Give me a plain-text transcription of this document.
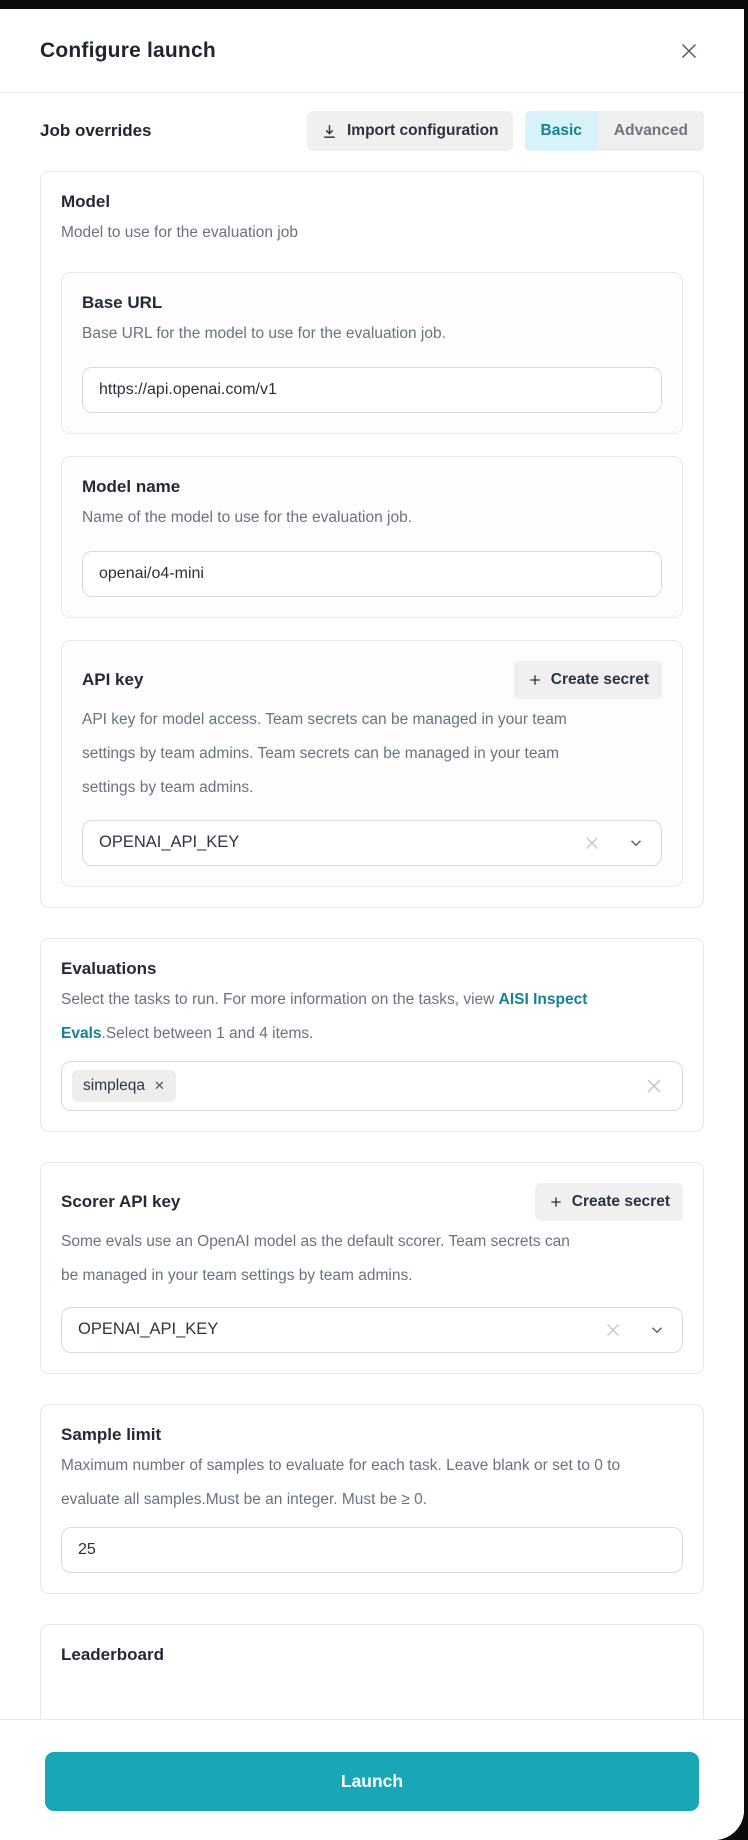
Configure launch
Job overrides	Import configuration	Basic	Advanced
Model
Model to use for the evaluation job
Base URL
Base URL for the model to use for the evaluation job.
https://api.openai.com/v1
Model name
Name of the model to use for the evaluation job.
openai/o4-mini
API key	Create secret
API key for model access. Team secrets can be managed in your team settings by team admins. Team secrets can be managed in your team settings by team admins.
OPENAI_API_KEY
Evaluations
Select the tasks to run. For more information on the tasks, view AISI Inspect Evals.Select between 1 and 4 items.
simpleqa ✕
Scorer API key	Create secret
Some evals use an OpenAI model as the default scorer. Team secrets can be managed in your team settings by team admins.
OPENAI_API_KEY
Sample limit
Maximum number of samples to evaluate for each task. Leave blank or set to 0 to evaluate all samples.Must be an integer. Must be ≥ 0.
25
Leaderboard
Launch
